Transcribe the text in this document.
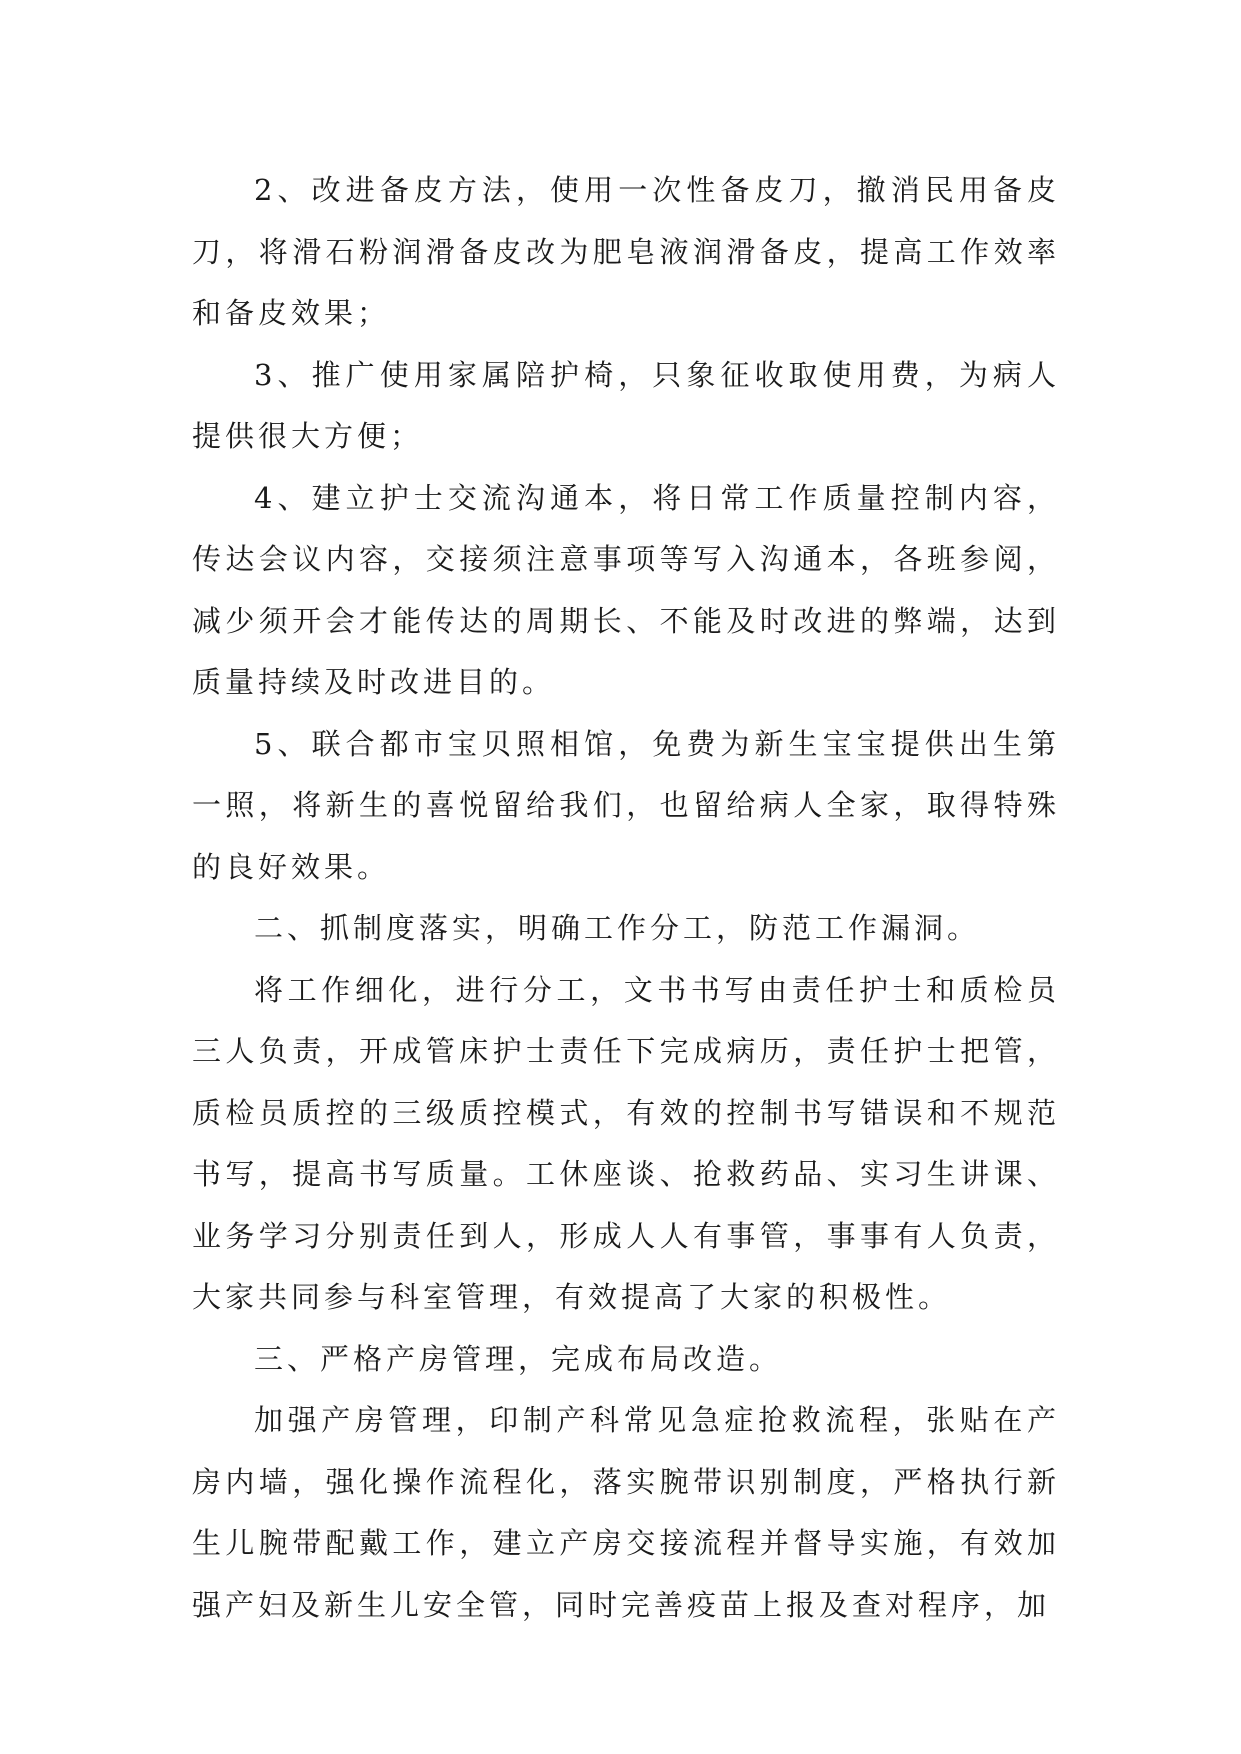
2、改进备皮方法，使用一次性备皮刀，撤消民用备皮刀，将滑石粉润滑备皮改为肥皂液润滑备皮，提高工作效率和备皮效果；

3、推广使用家属陪护椅，只象征收取使用费，为病人提供很大方便；

4、建立护士交流沟通本，将日常工作质量控制内容，传达会议内容，交接须注意事项等写入沟通本，各班参阅，减少须开会才能传达的周期长、不能及时改进的弊端，达到质量持续及时改进目的。

5、联合都市宝贝照相馆，免费为新生宝宝提供出生第一照，将新生的喜悦留给我们，也留给病人全家，取得特殊的良好效果。

二、抓制度落实，明确工作分工，防范工作漏洞。

将工作细化，进行分工，文书书写由责任护士和质检员三人负责，开成管床护士责任下完成病历，责任护士把管，质检员质控的三级质控模式，有效的控制书写错误和不规范书写，提高书写质量。工休座谈、抢救药品、实习生讲课、业务学习分别责任到人，形成人人有事管，事事有人负责，大家共同参与科室管理，有效提高了大家的积极性。

三、严格产房管理，完成布局改造。

加强产房管理，印制产科常见急症抢救流程，张贴在产房内墙，强化操作流程化，落实腕带识别制度，严格执行新生儿腕带配戴工作，建立产房交接流程并督导实施，有效加强产妇及新生儿安全管，同时完善疫苗上报及查对程序，加
